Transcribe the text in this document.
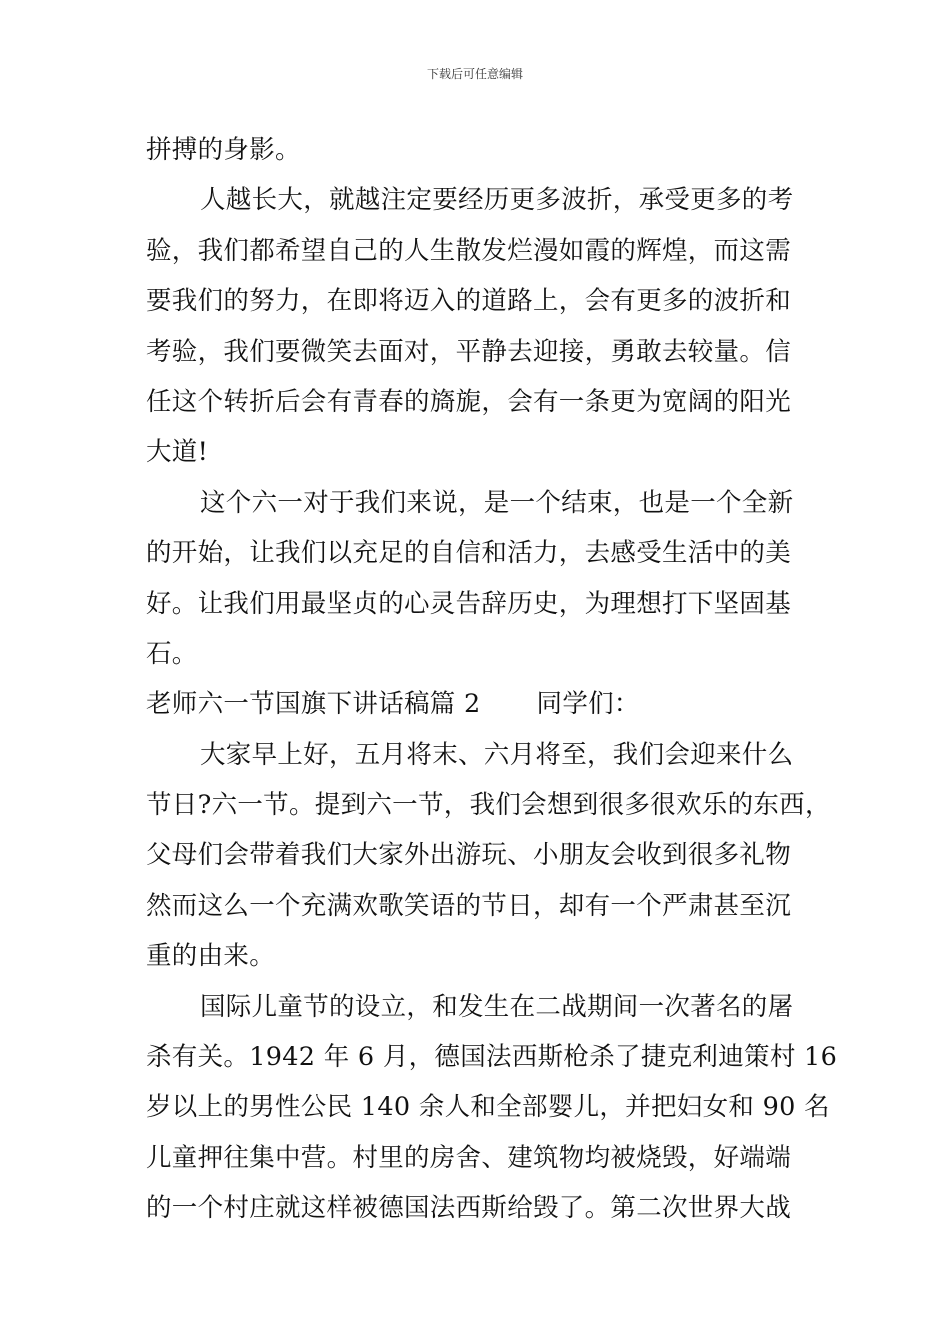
下载后可任意编辑
拼搏的身影。
人越长大，就越注定要经历更多波折，承受更多的考
验，我们都希望自己的人生散发烂漫如霞的辉煌，而这需
要我们的努力，在即将迈入的道路上，会有更多的波折和
考验，我们要微笑去面对，平静去迎接，勇敢去较量。信
任这个转折后会有青春的旖旎，会有一条更为宽阔的阳光
大道!
这个六一对于我们来说，是一个结束，也是一个全新
的开始，让我们以充足的自信和活力，去感受生活中的美
好。让我们用最坚贞的心灵告辞历史，为理想打下坚固基
石。
老师六一节国旗下讲话稿篇 2 同学们：
大家早上好，五月将末、六月将至，我们会迎来什么
节日?六一节。提到六一节，我们会想到很多很欢乐的东西，
父母们会带着我们大家外出游玩、小朋友会收到很多礼物
然而这么一个充满欢歌笑语的节日，却有一个严肃甚至沉
重的由来。
国际儿童节的设立，和发生在二战期间一次著名的屠
杀有关。1942 年 6 月，德国法西斯枪杀了捷克利迪策村 16
岁以上的男性公民 140 余人和全部婴儿，并把妇女和 90 名
儿童押往集中营。村里的房舍、建筑物均被烧毁，好端端
的一个村庄就这样被德国法西斯给毁了。第二次世界大战
